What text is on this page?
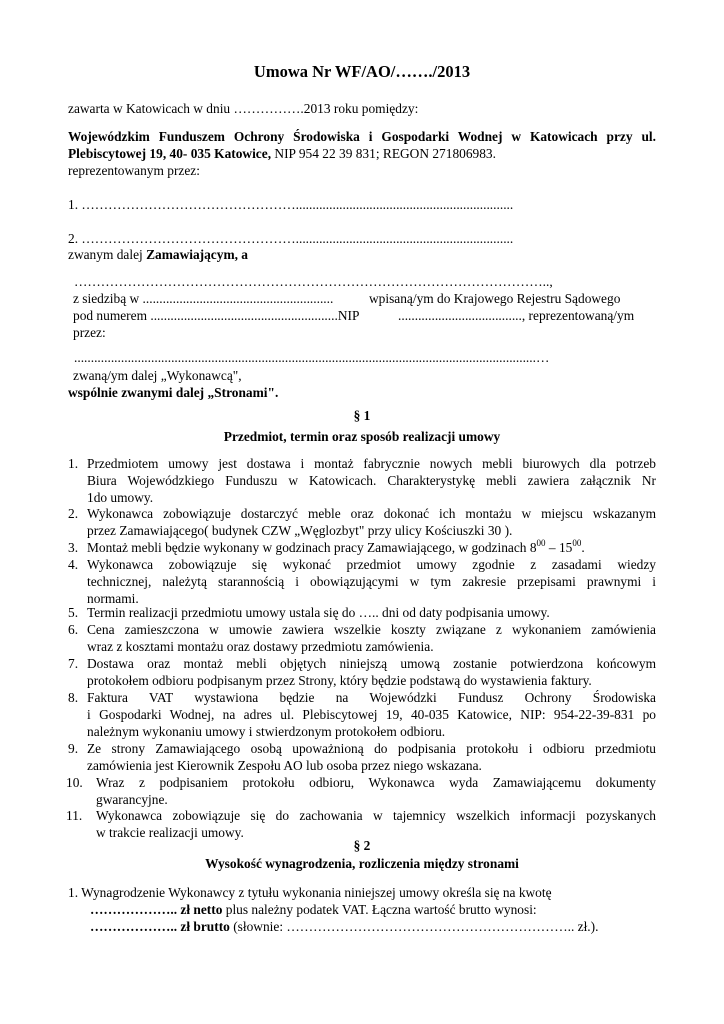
Umowa Nr WF/AO/……./2013
zawarta w Katowicach w dniu …………….2013 roku pomiędzy:
Wojewódzkim Funduszem Ochrony Środowiska i Gospodarki Wodnej w Katowicach przy ul.
Plebiscytowej 19, 40- 035 Katowice, NIP 954 22 39 831; REGON 271806983.
reprezentowanym przez:
1. ………………………………………….................................................................
2. ………………………………………….................................................................
zwanym dalej Zamawiającym, a
……………………………………………………………………………………………..,
z siedzibą w .........................................................	wpisaną/ym do Krajowego Rejestru Sądowego
pod numerem ........................................................NIP	....................................., reprezentowaną/ym
przez:
..........................................................................................................................................…
zwaną/ym dalej „Wykonawcą",
wspólnie zwanymi dalej „Stronami".
§ 1
Przedmiot, termin oraz sposób realizacji umowy
1. Przedmiotem umowy jest dostawa i montaż fabrycznie nowych mebli biurowych dla potrzeb
Biura Wojewódzkiego Funduszu w Katowicach. Charakterystykę mebli zawiera załącznik Nr
1do umowy.
2. Wykonawca zobowiązuje dostarczyć meble oraz dokonać ich montażu w miejscu wskazanym
przez Zamawiającego( budynek CZW „Węglozbyt" przy ulicy Kościuszki 30 ).
3. Montaż mebli będzie wykonany w godzinach pracy Zamawiającego, w godzinach $8^{00} - 15^{00}$.
4. Wykonawca zobowiązuje się wykonać przedmiot umowy zgodnie z zasadami wiedzy
technicznej, należytą starannością i obowiązującymi w tym zakresie przepisami prawnymi i
normami.
5. Termin realizacji przedmiotu umowy ustala się do ….. dni od daty podpisania umowy.
6. Cena zamieszczona w umowie zawiera wszelkie koszty związane z wykonaniem zamówienia
wraz z kosztami montażu oraz dostawy przedmiotu zamówienia.
7. Dostawa oraz montaż mebli objętych niniejszą umową zostanie potwierdzona końcowym
protokołem odbioru podpisanym przez Strony, który będzie podstawą do wystawienia faktury.
8. Faktura VAT wystawiona będzie na Wojewódzki Fundusz Ochrony Środowiska
i Gospodarki Wodnej, na adres ul. Plebiscytowej 19, 40-035 Katowice, NIP: 954-22-39-831 po
należnym wykonaniu umowy i stwierdzonym protokołem odbioru.
9. Ze strony Zamawiającego osobą upoważnioną do podpisania protokołu i odbioru przedmiotu
zamówienia jest Kierownik Zespołu AO lub osoba przez niego wskazana.
10. Wraz z podpisaniem protokołu odbioru, Wykonawca wyda Zamawiającemu dokumenty
gwarancyjne.
11. Wykonawca zobowiązuje się do zachowania w tajemnicy wszelkich informacji pozyskanych
w trakcie realizacji umowy.
§ 2
Wysokość wynagrodzenia, rozliczenia między stronami
1. Wynagrodzenie Wykonawcy z tytułu wykonania niniejszej umowy określa się na kwotę
……………….. zł netto plus należny podatek VAT. Łączna wartość brutto wynosi:
……………….. zł brutto (słownie: ……………………………………………………….. zł.).
